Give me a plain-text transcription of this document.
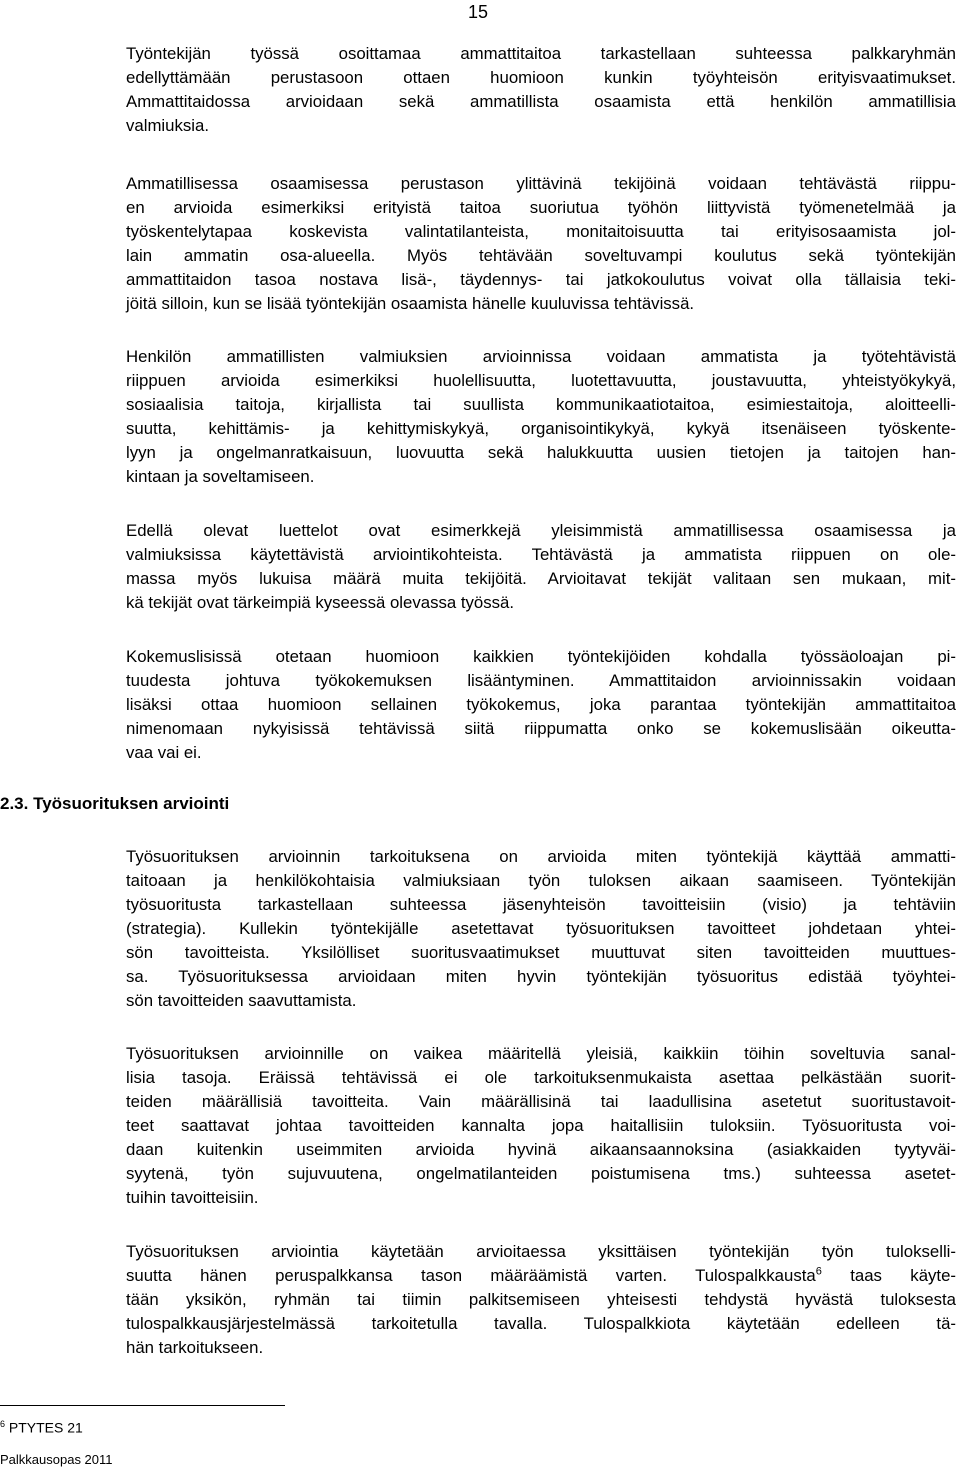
15
Työntekijän työssä osoittamaa ammattitaitoa tarkastellaan suhteessa palkkaryhmän
edellyttämään perustasoon ottaen huomioon kunkin työyhteisön erityisvaatimukset.
Ammattitaidossa arvioidaan sekä ammatillista osaamista että henkilön ammatillisia
valmiuksia.
Ammatillisessa osaamisessa perustason ylittävinä tekijöinä voidaan tehtävästä riippu-
en arvioida esimerkiksi erityistä taitoa suoriutua työhön liittyvistä työmenetelmää ja
työskentelytapaa koskevista valintatilanteista, monitaitoisuutta tai erityisosaamista jol-
lain ammatin osa-alueella. Myös tehtävään soveltuvampi koulutus sekä työntekijän
ammattitaidon tasoa nostava lisä-, täydennys- tai jatkokoulutus voivat olla tällaisia teki-
jöitä silloin, kun se lisää työntekijän osaamista hänelle kuuluvissa tehtävissä.
Henkilön ammatillisten valmiuksien arvioinnissa voidaan ammatista ja työtehtävistä
riippuen arvioida esimerkiksi huolellisuutta, luotettavuutta, joustavuutta, yhteistyökykyä,
sosiaalisia taitoja, kirjallista tai suullista kommunikaatiotaitoa, esimiestaitoja, aloitteelli-
suutta, kehittämis- ja kehittymiskykyä, organisointikykyä, kykyä itsenäiseen työskente-
lyyn ja ongelmanratkaisuun, luovuutta sekä halukkuutta uusien tietojen ja taitojen han-
kintaan ja soveltamiseen.
Edellä olevat luettelot ovat esimerkkejä yleisimmistä ammatillisessa osaamisessa ja
valmiuksissa käytettävistä arviointikohteista. Tehtävästä ja ammatista riippuen on ole-
massa myös lukuisa määrä muita tekijöitä. Arvioitavat tekijät valitaan sen mukaan, mit-
kä tekijät ovat tärkeimpiä kyseessä olevassa työssä.
Kokemuslisissä otetaan huomioon kaikkien työntekijöiden kohdalla työssäoloajan pi-
tuudesta johtuva työkokemuksen lisääntyminen. Ammattitaidon arvioinnissakin voidaan
lisäksi ottaa huomioon sellainen työkokemus, joka parantaa työntekijän ammattitaitoa
nimenomaan nykyisissä tehtävissä siitä riippumatta onko se kokemuslisään oikeutta-
vaa vai ei.
2.3. Työsuorituksen arviointi
Työsuorituksen arvioinnin tarkoituksena on arvioida miten työntekijä käyttää ammatti-
taitoaan ja henkilökohtaisia valmiuksiaan työn tuloksen aikaan saamiseen. Työntekijän
työsuoritusta tarkastellaan suhteessa jäsenyhteisön tavoitteisiin (visio) ja tehtäviin
(strategia). Kullekin työntekijälle asetettavat työsuorituksen tavoitteet johdetaan yhtei-
sön tavoitteista. Yksilölliset suoritusvaatimukset muuttuvat siten tavoitteiden muuttues-
sa. Työsuorituksessa arvioidaan miten hyvin työntekijän työsuoritus edistää työyhtei-
sön tavoitteiden saavuttamista.
Työsuorituksen arvioinnille on vaikea määritellä yleisiä, kaikkiin töihin soveltuvia sanal-
lisia tasoja. Eräissä tehtävissä ei ole tarkoituksenmukaista asettaa pelkästään suorit-
teiden määrällisiä tavoitteita. Vain määrällisinä tai laadullisina asetetut suoritustavoit-
teet saattavat johtaa tavoitteiden kannalta jopa haitallisiin tuloksiin. Työsuoritusta voi-
daan kuitenkin useimmiten arvioida hyvinä aikaansaannoksina (asiakkaiden tyytyväi-
syytenä, työn sujuvuutena, ongelmatilanteiden poistumisena tms.) suhteessa asetet-
tuihin tavoitteisiin.
Työsuorituksen arviointia käytetään arvioitaessa yksittäisen työntekijän työn tulokselli-
suutta hänen peruspalkkansa tason määräämistä varten. Tulospalkkausta$^6$ taas käyte-
tään yksikön, ryhmän tai tiimin palkitsemiseen yhteisesti tehdystä hyvästä tuloksesta
tulospalkkausjärjestelmässä tarkoitetulla tavalla. Tulospalkkiota käytetään edelleen tä-
hän tarkoitukseen.
$^6$ PTYTES 21
Palkkausopas 2011
